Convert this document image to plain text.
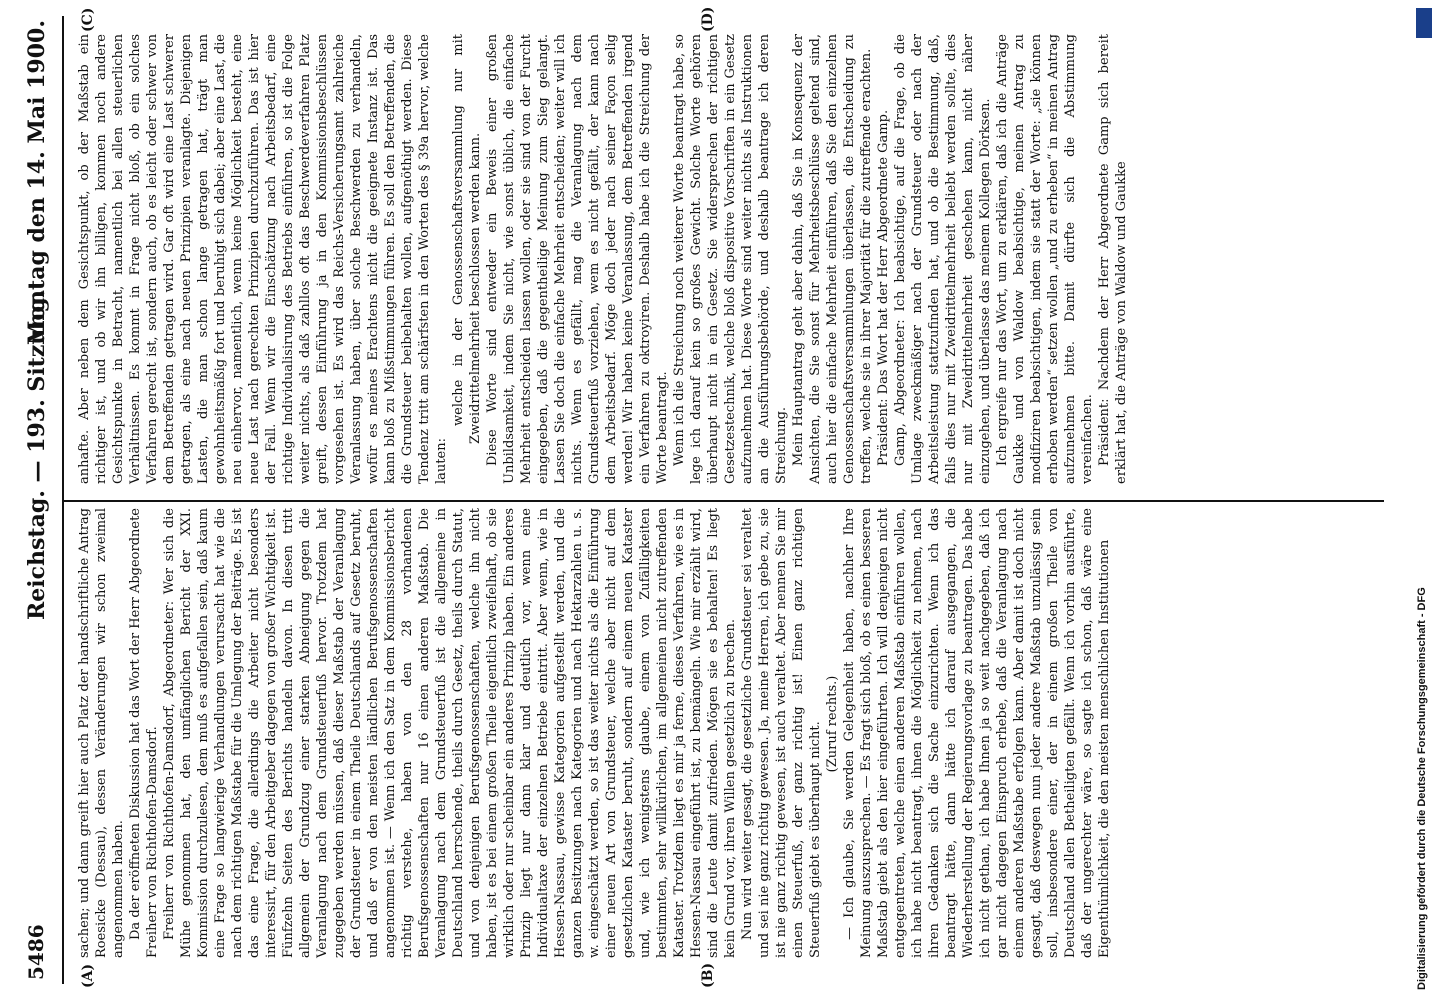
5486
Reichstag. — 193. Sitzung.
Montag den 14. Mai 1900.
(A)	(B)
(C)	(D)

sachen; und dann greift hier auch Platz der handschriftliche Antrag Roesicke (Dessau), dessen Veränderungen wir schon zweimal angenommen haben. Da der eröffneten Diskussion hat das Wort der Herr Abgeordnete Freiherr von Richthofen-Damsdorf. Freiherr von Richthofen-Damsdorf, Abgeordneter: Wer sich die Mühe genommen hat, den umfänglichen Bericht der XXI. Kommission durchzulesen, dem muß es aufgefallen sein, daß kaum eine Frage so langwierige Verhandlungen verursacht hat wie die nach dem richtigen Maßstabe für die Umlegung der Beiträge. Es ist das eine Frage, die allerdings die Arbeiter nicht besonders interessirt, für den Arbeitgeber dagegen von großer Wichtigkeit ist. Fünfzehn Seiten des Berichts handeln davon. In diesen tritt allgemein der Grundzug einer starken Abneigung gegen die Veranlagung nach dem Grundsteuerfuß hervor. Trotzdem hat zugegeben werden müssen, daß dieser Maßstab der Veranlagung der Grundsteuer in einem Theile Deutschlands auf Gesetz beruht, und daß er von den meisten ländlichen Berufsgenossenschaften angenommen ist. — Wenn ich den Satz in dem Kommissionsbericht richtig verstehe, haben von den 28 vorhandenen Berufsgenossenschaften nur 16 einen anderen Maßstab. Die Veranlagung nach dem Grundsteuerfuß ist die allgemeine in Deutschland herrschende, theils durch Gesetz, theils durch Statut, und von denjenigen Berufsgenossenschaften, welche ihn nicht haben, ist es bei einem großen Theile eigentlich zweifelhaft, ob sie wirklich oder nur scheinbar ein anderes Prinzip haben. Ein anderes Prinzip liegt nur dann klar und deutlich vor, wenn eine Individualtaxe der einzelnen Betriebe eintritt. Aber wenn, wie in Hessen-Nassau, gewisse Kategorien aufgestellt werden, und die ganzen Besitzungen nach Kategorien und nach Hektarzahlen u. s. w. eingeschätzt werden, so ist das weiter nichts als die Einführung einer neuen Art von Grundsteuer, welche aber nicht auf dem gesetzlichen Kataster beruht, sondern auf einem neuen Kataster und, wie ich wenigstens glaube, einem von Zufälligkeiten bestimmten, sehr willkürlichen, im allgemeinen nicht zutreffenden Kataster. Trotzdem liegt es mir ja ferne, dieses Verfahren, wie es in Hessen-Nassau eingeführt ist, zu bemängeln. Wie mir erzählt wird, sind die Leute damit zufrieden. Mögen sie es behalten! Es liegt kein Grund vor, ihren Willen gesetzlich zu brechen. Nun wird weiter gesagt, die gesetzliche Grundsteuer sei veraltet und sei nie ganz richtig gewesen. Ja, meine Herren, ich gebe zu, sie ist nie ganz richtig gewesen, ist auch veraltet. Aber nennen Sie mir einen Steuerfuß, der ganz richtig ist! Einen ganz richtigen Steuerfuß giebt es überhaupt nicht. (Zuruf rechts.) — Ich glaube, Sie werden Gelegenheit haben, nachher Ihre Meinung auszusprechen. — Es fragt sich bloß, ob es einen besseren Maßstab giebt als den hier eingeführten. Ich will denjenigen nicht entgegentreten, welche einen anderen Maßstab einführen wollen, ich habe nicht beantragt, ihnen die Möglichkeit zu nehmen, nach ihren Gedanken sich die Sache einzurichten. Wenn ich das beantragt hätte, dann hätte ich darauf ausgegangen, die Wiederherstellung der Regierungsvorlage zu beantragen. Das habe ich nicht gethan, ich habe Ihnen ja so weit nachgegeben, daß ich gar nicht dagegen Einspruch erhebe, daß die Veranlagung nach einem anderen Maßstabe erfolgen kann. Aber damit ist doch nicht gesagt, daß deswegen nun jeder andere Maßstab unzulässig sein soll, insbesondere einer, der in einem großen Theile von Deutschland allen Betheiligten gefällt. Wenn ich vorhin ausführte, daß der ungerechter wäre, so sagte ich schon, daß wäre eine Eigenthümlichkeit, die den meisten menschlichen Institutionen

anhafte. Aber neben dem Gesichtspunkt, ob der Maßstab ein richtiger ist, und ob wir ihn billigen, kommen noch andere Gesichtspunkte in Betracht, namentlich bei allen steuerlichen Verhältnissen. Es kommt in Frage nicht bloß, ob ein solches Verfahren gerecht ist, sondern auch, ob es leicht oder schwer von dem Betreffenden getragen wird. Gar oft wird eine Last schwerer getragen, als eine nach neuen Prinzipien veranlagte. Diejenigen Lasten, die man schon lange getragen hat, trägt man gewohnheitsmäßig fort und beruhigt sich dabei; aber eine Last, die neu einhervor, namentlich, wenn keine Möglichkeit besteht, eine neue Last nach gerechten Prinzipien durchzuführen. Das ist hier der Fall. Wenn wir die Einschätzung nach Arbeitsbedarf, eine richtige Individualisirung des Betriebs einführen, so ist die Folge weiter nichts, als daß zahllos oft das Beschwerdeverfahren Platz greift, dessen Einführung ja in den Kommissionsbeschlüssen vorgesehen ist. Es wird das Reichs-Versicherungsamt zahlreiche Veranlassung haben, über solche Beschwerden zu verhandeln, wofür es meines Erachtens nicht die geeignete Instanz ist. Das kann bloß zu Mißstimmungen führen. Es soll den Betreffenden, die die Grundsteuer beibehalten wollen, aufgenöthigt werden. Diese Tendenz tritt am schärfsten in den Worten des § 39a hervor, welche lauten:

welche in der Genossenschaftsversammlung nur mit Zweidrittelmehrheit beschlossen werden kann. Diese Worte sind entweder ein Beweis einer großen Unbildsamkeit, indem Sie nicht, wie sonst üblich, die einfache Mehrheit entscheiden lassen wollen, oder sie sind von der Furcht eingegeben, daß die gegentheilige Meinung zum Sieg gelangt. Lassen Sie doch die einfache Mehrheit entscheiden; weiter will ich nichts. Wenn es gefällt, mag die Veranlagung nach dem Grundsteuerfuß vorziehen, wem es nicht gefällt, der kann nach dem Arbeitsbedarf. Möge doch jeder nach seiner Façon selig werden! Wir haben keine Veranlassung, dem Betreffenden irgend ein Verfahren zu oktroyiren. Deshalb habe ich die Streichung der Worte beantragt. Wenn ich die Streichung noch weiterer Worte beantragt habe, so lege ich darauf kein so großes Gewicht. Solche Worte gehören überhaupt nicht in ein Gesetz. Sie widersprechen der richtigen Gesetzestechnik, welche bloß dispositive Vorschriften in ein Gesetz aufzunehmen hat. Diese Worte sind weiter nichts als Instruktionen an die Ausführungsbehörde, und deshalb beantrage ich deren Streichung. Mein Hauptantrag geht aber dahin, daß Sie in Konsequenz der Ansichten, die Sie sonst für Mehrheitsbeschlüsse geltend sind, auch hier die einfache Mehrheit einführen, daß Sie den einzelnen Genossenschaftsversammlungen überlassen, die Entscheidung zu treffen, welche sie in ihrer Majorität für die zutreffende erachten. Präsident: Das Wort hat der Herr Abgeordnete Gamp. Gamp, Abgeordneter: Ich beabsichtige, auf die Frage, ob die Umlage zweckmäßiger nach der Grundsteuer oder nach der Arbeitsleistung stattzufinden hat, und ob die Bestimmung, daß, falls dies nur mit Zweidrittelmehrheit beliebt werden sollte, dies nur mit Zweidrittelmehrheit geschehen kann, nicht näher einzugehen, und überlasse das meinem Kollegen Dörksen. Ich ergreife nur das Wort, um zu erklären, daß ich die Anträge Gaukke und von Waldow beabsichtige, meinen Antrag zu modifiziren beabsichtigen, indem sie statt der Worte: „sie können erhoben werden“ setzen wollen „und zu erheben“ in meinen Antrag aufzunehmen bitte. Damit dürfte sich die Abstimmung vereinfachen. Präsident: Nachdem der Herr Abgeordnete Gamp sich bereit erklärt hat, die Anträge von Waldow und Gaukke

Digitalisierung gefördert durch die Deutsche Forschungsgemeinschaft - DFG
